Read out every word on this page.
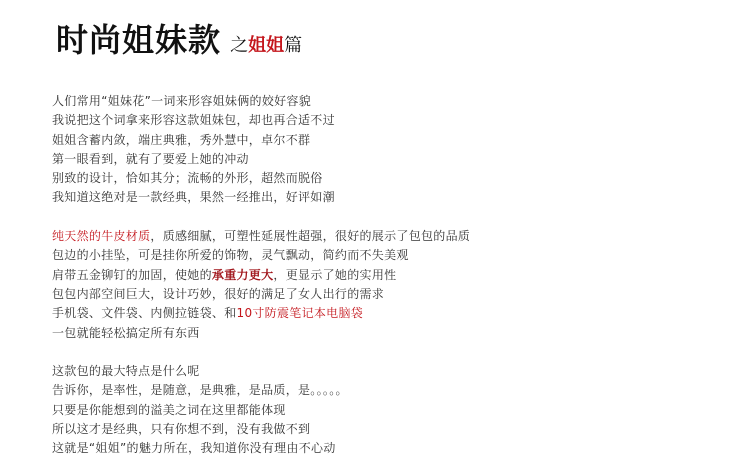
时尚姐妹款 之姐姐篇
人们常用“姐妹花”一词来形容姐妹俩的姣好容貌
我说把这个词拿来形容这款姐妹包，却也再合适不过
姐姐含蓄内敛，端庄典雅，秀外慧中，卓尔不群
第一眼看到，就有了要爱上她的冲动
别致的设计，恰如其分；流畅的外形，超然而脱俗
我知道这绝对是一款经典，果然一经推出，好评如潮
纯天然的牛皮材质，质感细腻，可塑性延展性超强，很好的展示了包包的品质
包边的小挂坠，可是挂你所爱的饰物，灵气飘动，简约而不失美观
肩带五金铆钉的加固，使她的承重力更大，更显示了她的实用性
包包内部空间巨大，设计巧妙，很好的满足了女人出行的需求
手机袋、文件袋、内侧拉链袋、和10寸防震笔记本电脑袋
一包就能轻松搞定所有东西
这款包的最大特点是什么呢
告诉你，是率性，是随意，是典雅，是品质，是。。。。。
只要是你能想到的溢美之词在这里都能体现
所以这才是经典，只有你想不到，没有我做不到
这就是“姐姐”的魅力所在，我知道你没有理由不心动
